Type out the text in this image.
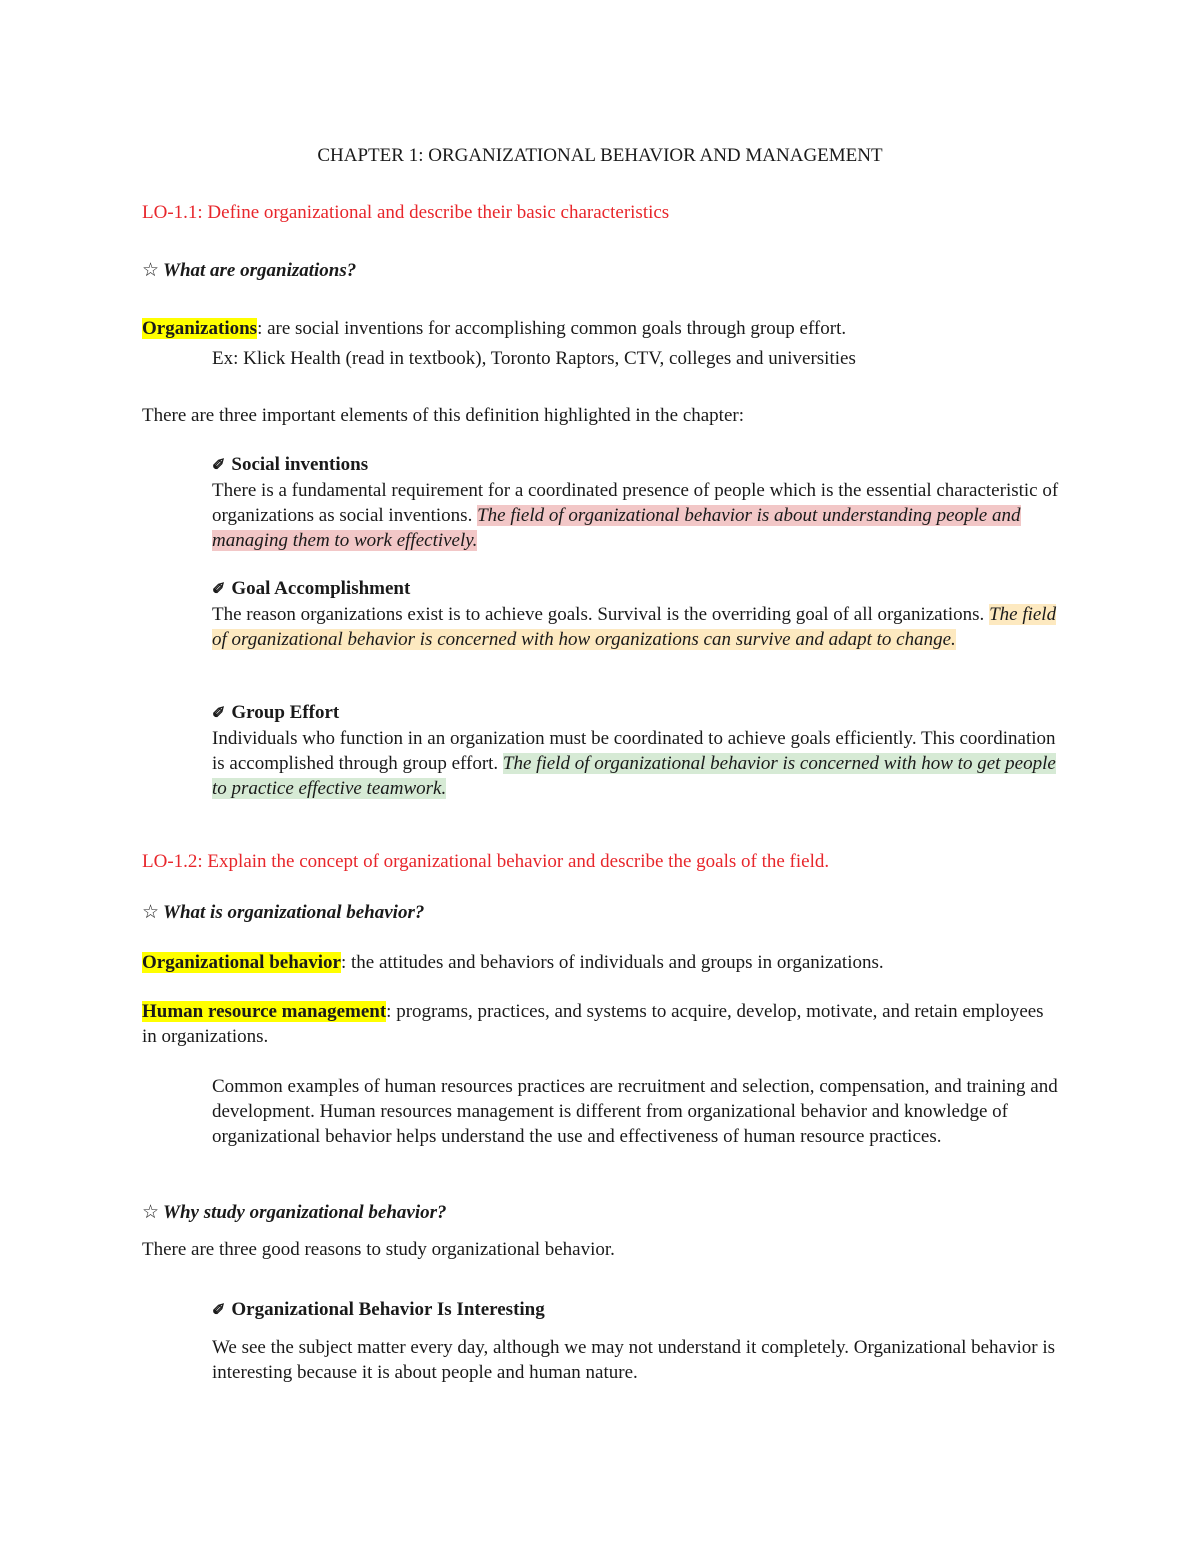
CHAPTER 1: ORGANIZATIONAL BEHAVIOR AND MANAGEMENT
LO-1.1: Define organizational and describe their basic characteristics
☆ What are organizations?
Organizations: are social inventions for accomplishing common goals through group effort.
Ex: Klick Health (read in textbook), Toronto Raptors, CTV, colleges and universities
There are three important elements of this definition highlighted in the chapter:
✐ Social inventions
There is a fundamental requirement for a coordinated presence of people which is the essential characteristic of organizations as social inventions. The field of organizational behavior is about understanding people and managing them to work effectively.
✐ Goal Accomplishment
The reason organizations exist is to achieve goals. Survival is the overriding goal of all organizations. The field of organizational behavior is concerned with how organizations can survive and adapt to change.
✐ Group Effort
Individuals who function in an organization must be coordinated to achieve goals efficiently. This coordination is accomplished through group effort. The field of organizational behavior is concerned with how to get people to practice effective teamwork.
LO-1.2: Explain the concept of organizational behavior and describe the goals of the field.
☆ What is organizational behavior?
Organizational behavior: the attitudes and behaviors of individuals and groups in organizations.
Human resource management: programs, practices, and systems to acquire, develop, motivate, and retain employees in organizations.
Common examples of human resources practices are recruitment and selection, compensation, and training and development. Human resources management is different from organizational behavior and knowledge of organizational behavior helps understand the use and effectiveness of human resource practices.
☆ Why study organizational behavior?
There are three good reasons to study organizational behavior.
✐ Organizational Behavior Is Interesting
We see the subject matter every day, although we may not understand it completely. Organizational behavior is interesting because it is about people and human nature.
